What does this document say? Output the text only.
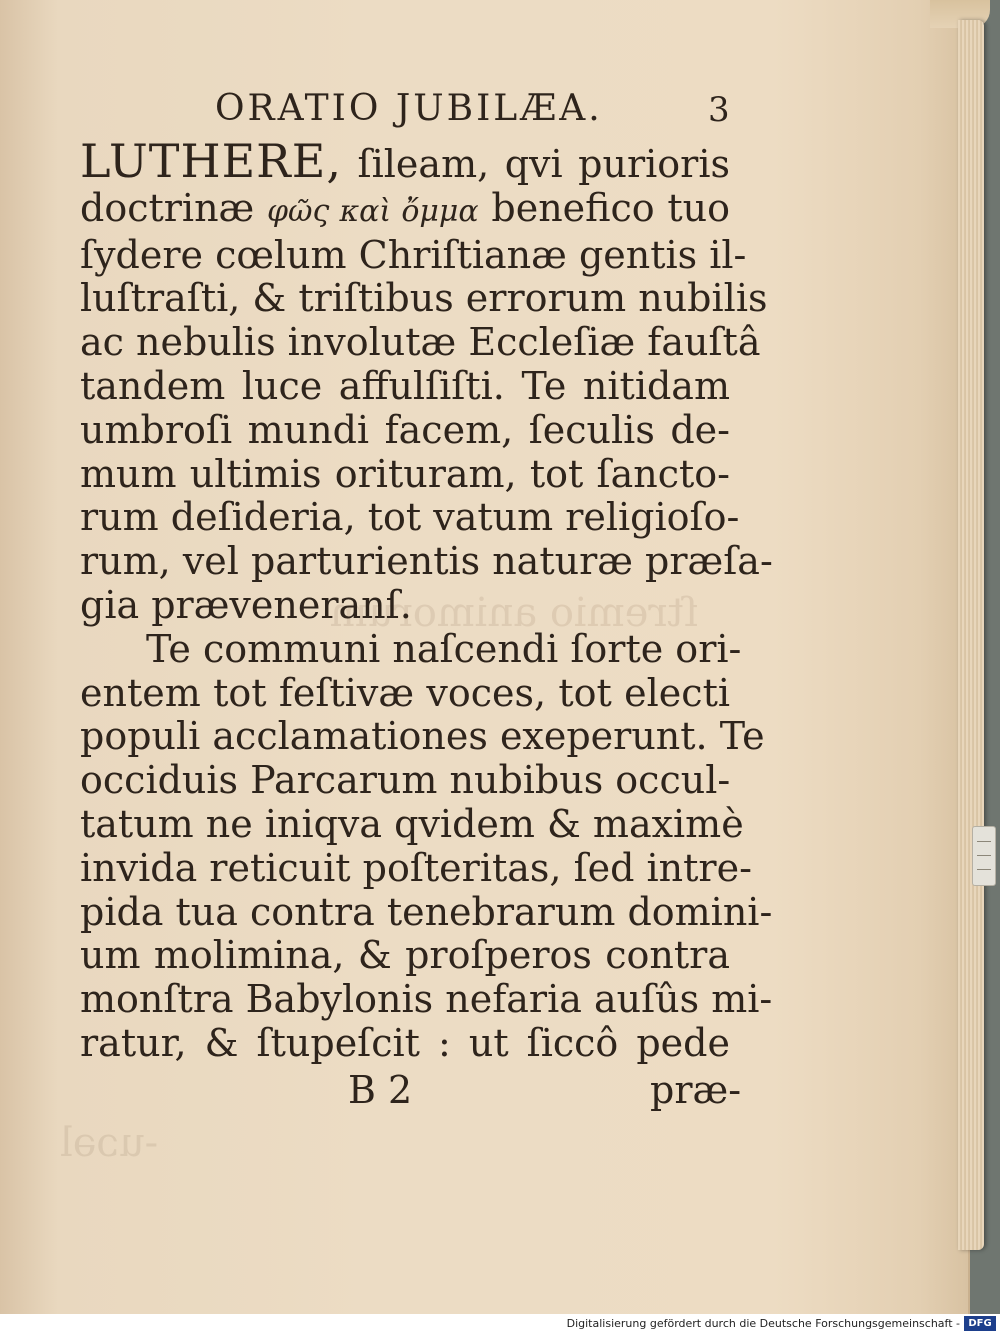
ſtremio animorum
-uɔəl
ORATIO JUBILÆA.	3
LUTHERE, ſileam, qvi purioris
doctrinæ φῶς καὶ ὄμμα benefico tuo
ſydere cœlum Chriſtianæ gentis il-
luſtraſti, & triſtibus errorum nubilis
ac nebulis involutæ Eccleſiæ fauſtâ
tandem luce affulſiſti. Te nitidam
umbroſi mundi facem, ſeculis de-
mum ultimis orituram, tot ſancto-
rum deſideria, tot vatum religioſo-
rum, vel parturientis naturæ præſa-
gia præveneranſ.
Te communi naſcendi ſorte ori-
entem tot feſtivæ voces, tot electi
populi acclamationes exeperunt. Te
occiduis Parcarum nubibus occul-
tatum ne iniqva qvidem & maximè
invida reticuit poſteritas, ſed intre-
pida tua contra tenebrarum domini-
um molimina, & proſperos contra
monſtra Babylonis nefaria auſûs mi-
ratur, & ſtupeſcit : ut ſiccô pede
B 2	præ-
Digitalisierung gefördert durch die Deutsche Forschungsgemeinschaft - DFG
